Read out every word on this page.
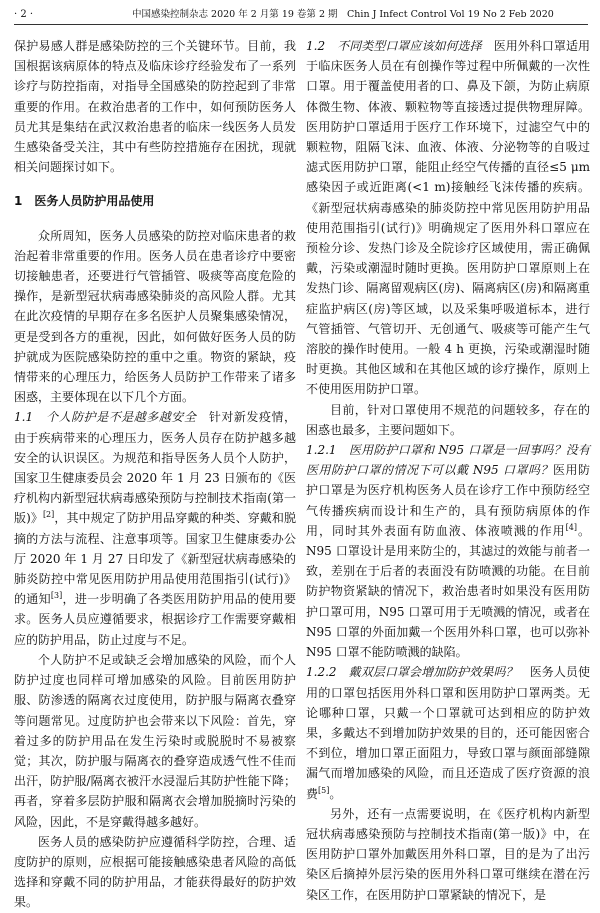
· 2 ·	中国感染控制杂志 2020 年 2 月第 19 卷第 2 期　Chin J Infect Control Vol 19 No 2 Feb 2020

保护易感人群是感染防控的三个关键环节。目前，我国根据该病原体的特点及临床诊疗经验发布了一系列诊疗与防控指南，对指导全国感染的防控起到了非常重要的作用。在救治患者的工作中，如何预防医务人员尤其是集结在武汉救治患者的临床一线医务人员发生感染备受关注，其中有些防控措施存在困扰，现就相关问题探讨如下。

1　医务人员防护用品使用

众所周知，医务人员感染的防控对临床患者的救治起着非常重要的作用。医务人员在患者诊疗中要密切接触患者，还要进行气管插管、吸痰等高度危险的操作，是新型冠状病毒感染肺炎的高风险人群。尤其在此次疫情的早期存在多名医护人员聚集感染情况，更是受到各方的重视，因此，如何做好医务人员的防护就成为医院感染防控的重中之重。物资的紧缺，疫情带来的心理压力，给医务人员防护工作带来了诸多困惑，主要体现在以下几个方面。

1.1　个人防护是不是越多越安全　 针对新发疫情，由于疾病带来的心理压力，医务人员存在防护越多越安全的认识误区。为规范和指导医务人员个人防护，国家卫生健康委员会 2020 年 1 月 23 日颁布的《医疗机构内新型冠状病毒感染预防与控制技术指南(第一版)》[2]，其中规定了防护用品穿戴的种类、穿戴和脱摘的方法与流程、注意事项等。国家卫生健康委办公厅 2020 年 1 月 27 日印发了《新型冠状病毒感染的肺炎防控中常见医用防护用品使用范围指引(试行)》的通知[3]，进一步明确了各类医用防护用品的使用要求。医务人员应遵循要求，根据诊疗工作需要穿戴相应的防护用品，防止过度与不足。

个人防护不足或缺乏会增加感染的风险，而个人防护过度也同样可增加感染的风险。目前医用防护服、防渗透的隔离衣过度使用，防护服与隔离衣叠穿等问题常见。过度防护也会带来以下风险：首先，穿着过多的防护用品在发生污染时或脱脱时不易被察觉；其次，防护服与隔离衣的叠穿造成透气性不佳而出汗，防护服/隔离衣被汗水浸湿后其防护性能下降；再者，穿着多层防护服和隔离衣会增加脱摘时污染的风险，因此，不是穿戴得越多越好。

医务人员的感染防护应遵循科学防控，合理、适度防护的原则，应根据可能接触感染患者风险的高低选择和穿戴不同的防护用品，才能获得最好的防护效果。

1.2　不同类型口罩应该如何选择　 医用外科口罩适用于临床医务人员在有创操作等过程中所佩戴的一次性口罩。用于覆盖使用者的口、鼻及下颌，为防止病原体微生物、体液、颗粒物等直接透过提供物理屏障。医用防护口罩适用于医疗工作环境下，过滤空气中的颗粒物，阻隔飞沫、血液、体液、分泌物等的自吸过滤式医用防护口罩，能阻止经空气传播的直径≤5 μm 感染因子或近距离(<1 m)接触经飞沫传播的疾病。《新型冠状病毒感染的肺炎防控中常见医用防护用品使用范围指引(试行)》明确规定了医用外科口罩应在预检分诊、发热门诊及全院诊疗区域使用，需正确佩戴，污染或潮湿时随时更换。医用防护口罩原则上在发热门诊、隔离留观病区(房)、隔离病区(房)和隔离重症监护病区(房)等区域，以及采集呼吸道标本，进行气管插管、气管切开、无创通气、吸痰等可能产生气溶胶的操作时使用。一般 4 h 更换，污染或潮湿时随时更换。其他区域和在其他区域的诊疗操作，原则上不使用医用防护口罩。

目前，针对口罩使用不规范的问题较多，存在的困惑也最多，主要问题如下。

1.2.1　医用防护口罩和 N95 口罩是一回事吗？没有医用防护口罩的情况下可以戴 N95 口罩吗？医用防护口罩是为医疗机构医务人员在诊疗工作中预防经空气传播疾病而设计和生产的，具有预防病原体的作用，同时其外表面有防血液、体液喷溅的作用[4]。N95 口罩设计是用来防尘的，其滤过的效能与前者一致，差别在于后者的表面没有防喷溅的功能。在目前防护物资紧缺的情况下，救治患者时如果没有医用防护口罩可用，N95 口罩可用于无喷溅的情况，或者在 N95 口罩的外面加戴一个医用外科口罩，也可以弥补 N95 口罩不能防喷溅的缺陷。

1.2.2　戴双层口罩会增加防护效果吗？　 医务人员使用的口罩包括医用外科口罩和医用防护口罩两类。无论哪种口罩，只戴一个口罩就可达到相应的防护效果，多戴达不到增加防护效果的目的，还可能因密合不到位，增加口罩正面阻力，导致口罩与颜面部缝隙漏气而增加感染的风险，而且还造成了医疗资源的浪费[5]。

另外，还有一点需要说明，在《医疗机构内新型冠状病毒感染预防与控制技术指南(第一版)》中，在医用防护口罩外加戴医用外科口罩，目的是为了出污染区后摘掉外层污染的医用外科口罩可继续在潜在污染区工作，在医用防护口罩紧缺的情况下，是
